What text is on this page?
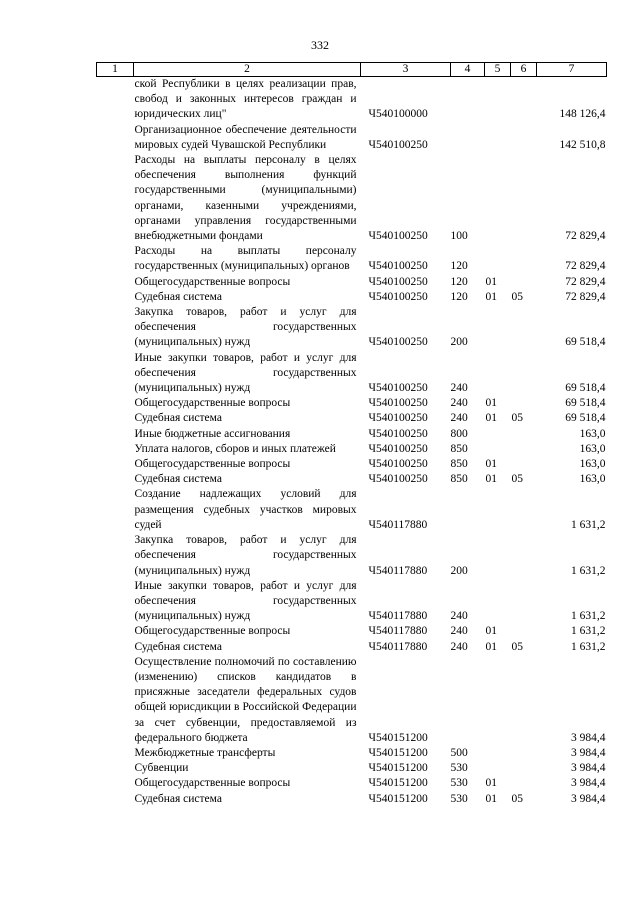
332
1	2	3	4	5	6	7
	ской Республики в целях реализации прав, свобод и законных интересов граждан и юридических лиц"	Ч540100000				148 126,4
	Организационное обеспечение деятельности мировых судей Чувашской Республики	Ч540100250				142 510,8
	Расходы на выплаты персоналу в целях обеспечения выполнения функций государственными (муниципальными) органами, казенными учреждениями, органами управления государственными внебюджетными фондами	Ч540100250	100			72 829,4
	Расходы на выплаты персоналу государственных (муниципальных) органов	Ч540100250	120			72 829,4
	Общегосударственные вопросы	Ч540100250	120	01		72 829,4
	Судебная система	Ч540100250	120	01	05	72 829,4
	Закупка товаров, работ и услуг для обеспечения государственных (муниципальных) нужд	Ч540100250	200			69 518,4
	Иные закупки товаров, работ и услуг для обеспечения государственных (муниципальных) нужд	Ч540100250	240			69 518,4
	Общегосударственные вопросы	Ч540100250	240	01		69 518,4
	Судебная система	Ч540100250	240	01	05	69 518,4
	Иные бюджетные ассигнования	Ч540100250	800			163,0
	Уплата налогов, сборов и иных платежей	Ч540100250	850			163,0
	Общегосударственные вопросы	Ч540100250	850	01		163,0
	Судебная система	Ч540100250	850	01	05	163,0
	Создание надлежащих условий для размещения судебных участков мировых судей	Ч540117880				1 631,2
	Закупка товаров, работ и услуг для обеспечения государственных (муниципальных) нужд	Ч540117880	200			1 631,2
	Иные закупки товаров, работ и услуг для обеспечения государственных (муниципальных) нужд	Ч540117880	240			1 631,2
	Общегосударственные вопросы	Ч540117880	240	01		1 631,2
	Судебная система	Ч540117880	240	01	05	1 631,2
	Осуществление полномочий по составлению (изменению) списков кандидатов в присяжные заседатели федеральных судов общей юрисдикции в Российской Федерации за счет субвенции, предоставляемой из федерального бюджета	Ч540151200				3 984,4
	Межбюджетные трансферты	Ч540151200	500			3 984,4
	Субвенции	Ч540151200	530			3 984,4
	Общегосударственные вопросы	Ч540151200	530	01		3 984,4
	Судебная система	Ч540151200	530	01	05	3 984,4
